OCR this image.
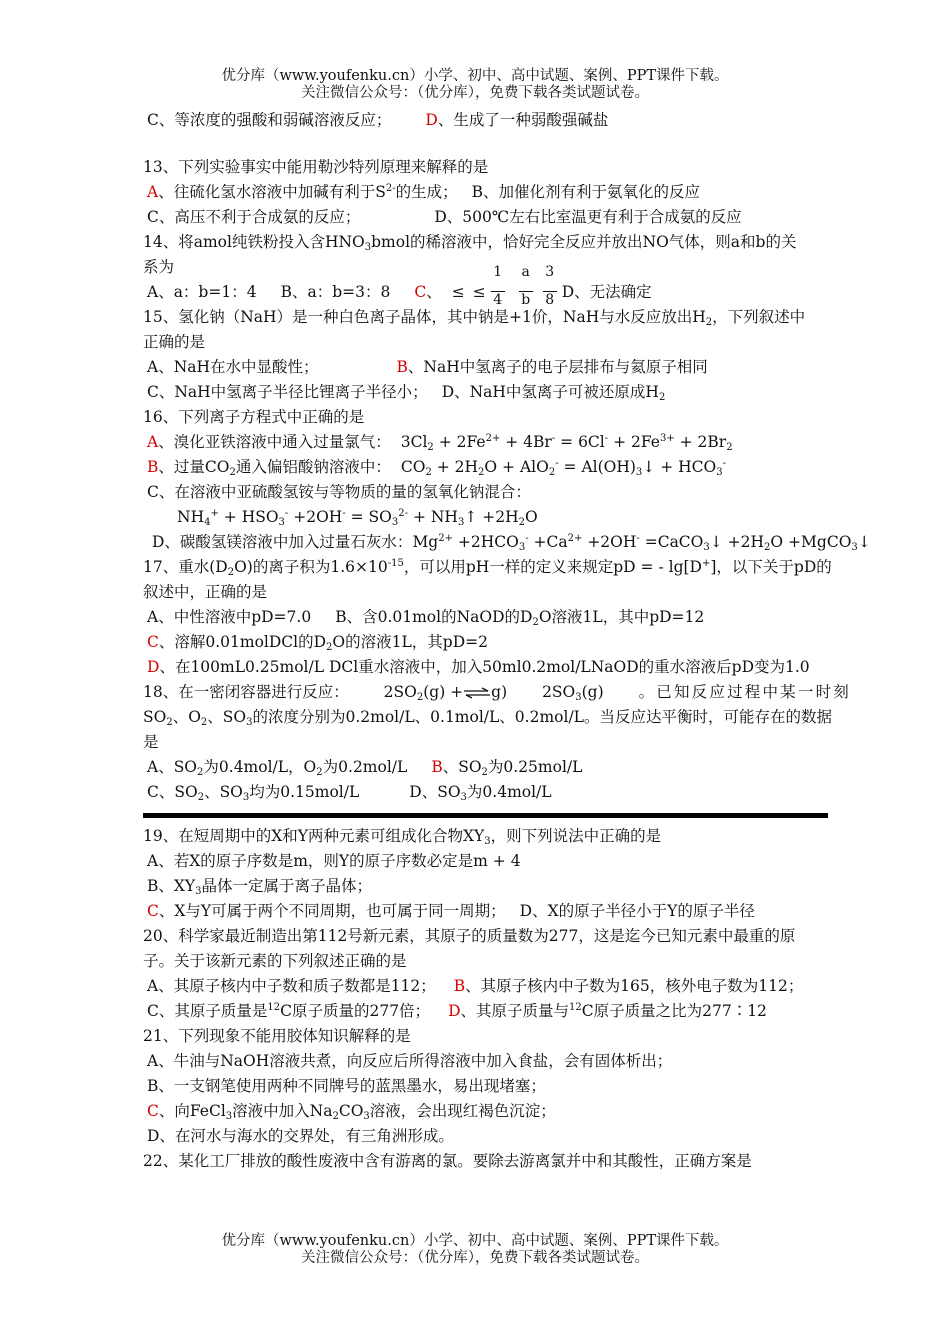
优分库（www.youfenku.cn）小学、初中、高中试题、案例、PPT课件下载。
关注微信公众号：（优分库），免费下载各类试题试卷。
C、等浓度的强酸和弱碱溶液反应； D、生成了一种弱酸强碱盐
13、下列实验事实中能用勒沙特列原理来解释的是
A、往硫化氢水溶液中加碱有利于$S^{2-}$的生成； B、加催化剂有利于氨氧化的反应
C、高压不利于合成氨的反应；	D、500℃左右比室温更有利于合成氨的反应
14、将amol纯铁粉投入含$HNO_3bmol$的稀溶液中，恰好完全反应并放出NO气体，则a和b的关
系为
A、a：b=1：4 B、a：b=3：8 C、 ≤ ≤ $\frac{1}{4} \frac{a}{b} \frac{3}{8}$ D、无法确定
15、氢化钠（NaH）是一种白色离子晶体，其中钠是+1价，NaH与水反应放出$H_2$，下列叙述中
正确的是
A、NaH在水中显酸性；	B、NaH中氢离子的电子层排布与氦原子相同
C、NaH中氢离子半径比锂离子半径小； D、NaH中氢离子可被还原成$H_2$
16、下列离子方程式中正确的是
A、溴化亚铁溶液中通入过量氯气： $3Cl_2 + 2Fe^{2+} + 4Br^- = 6Cl^- + 2Fe^{3+} + 2Br_2$
B、过量$CO_2$通入偏铝酸钠溶液中： $CO_2 + 2H_2O + AlO_2^-$ = $Al(OH)_3↓ + HCO_3^-$
C、在溶液中亚硫酸氢铵与等物质的量的氢氧化钠混合：
$NH_4^+ + HSO_3^- +2OH^- = SO_3^{2-}$ + $NH_3↑ +2H_2O$
D、碳酸氢镁溶液中加入过量石灰水：$Mg^{2+} +2HCO_3^- +Ca^{2+} +2OH^-$ =CaCO$_3$↓ $+2H_2O$ +MgCO$_3$↓
17、重水$(D_2O)$的离子积为$1.6\times 10^{-15}$，可以用pH一样的定义来规定pD = - lg[D+]，以下关于pD的
叙述中，正确的是
A、中性溶液中pD=7.0 B、含0.01mol的NaOD的$D_2O$溶液1L，其中pD=12
C、溶解0.01molDCl的$D_2O$的溶液1L，其pD=2
D、在100mL0.25mol/L DCl重水溶液中，加入50ml0.2mol/LNaOD的重水溶液后pD变为1.0
18、在一密闭容器进行反应： $2SO_2(g)$ +⇌g) $2SO_3(g)$ 。已知反应过程中某一时刻
$SO_2$、$O_2$、$SO_3$的浓度分别为0.2mol/L、0.1mol/L、0.2mol/L。当反应达平衡时，可能存在的数据
是
A、$SO_2$为0.4mol/L，$O_2$为0.2mol/L B、$SO_2$为0.25mol/L
C、$SO_2$、$SO_3$均为0.15mol/L	D、$SO_3$为0.4mol/L
19、在短周期中的X和Y两种元素可组成化合物$XY_3$，则下列说法中正确的是
A、若X的原子序数是m，则Y的原子序数必定是m + 4
B、$XY_3$晶体一定属于离子晶体；
C、X与Y可属于两个不同周期，也可属于同一周期； D、X的原子半径小于Y的原子半径
20、科学家最近制造出第112号新元素，其原子的质量数为277，这是迄今已知元素中最重的原
子。关于该新元素的下列叙述正确的是
A、其原子核内中子数和质子数都是112； B、其原子核内中子数为165，核外电子数为112；
C、其原子质量是$^{12}$C原子质量的277倍； D、其原子质量与$^{12}$C原子质量之比为277∶12
21、下列现象不能用胶体知识解释的是
A、牛油与NaOH溶液共煮，向反应后所得溶液中加入食盐，会有固体析出；
B、一支钢笔使用两种不同牌号的蓝黑墨水，易出现堵塞；
C、向FeCl$_3$溶液中加入$Na_2CO_3$溶液，会出现红褐色沉淀；
D、在河水与海水的交界处，有三角洲形成。
22、某化工厂排放的酸性废液中含有游离的氯。要除去游离氯并中和其酸性，正确方案是
优分库（www.youfenku.cn）小学、初中、高中试题、案例、PPT课件下载。
关注微信公众号：（优分库），免费下载各类试题试卷。
